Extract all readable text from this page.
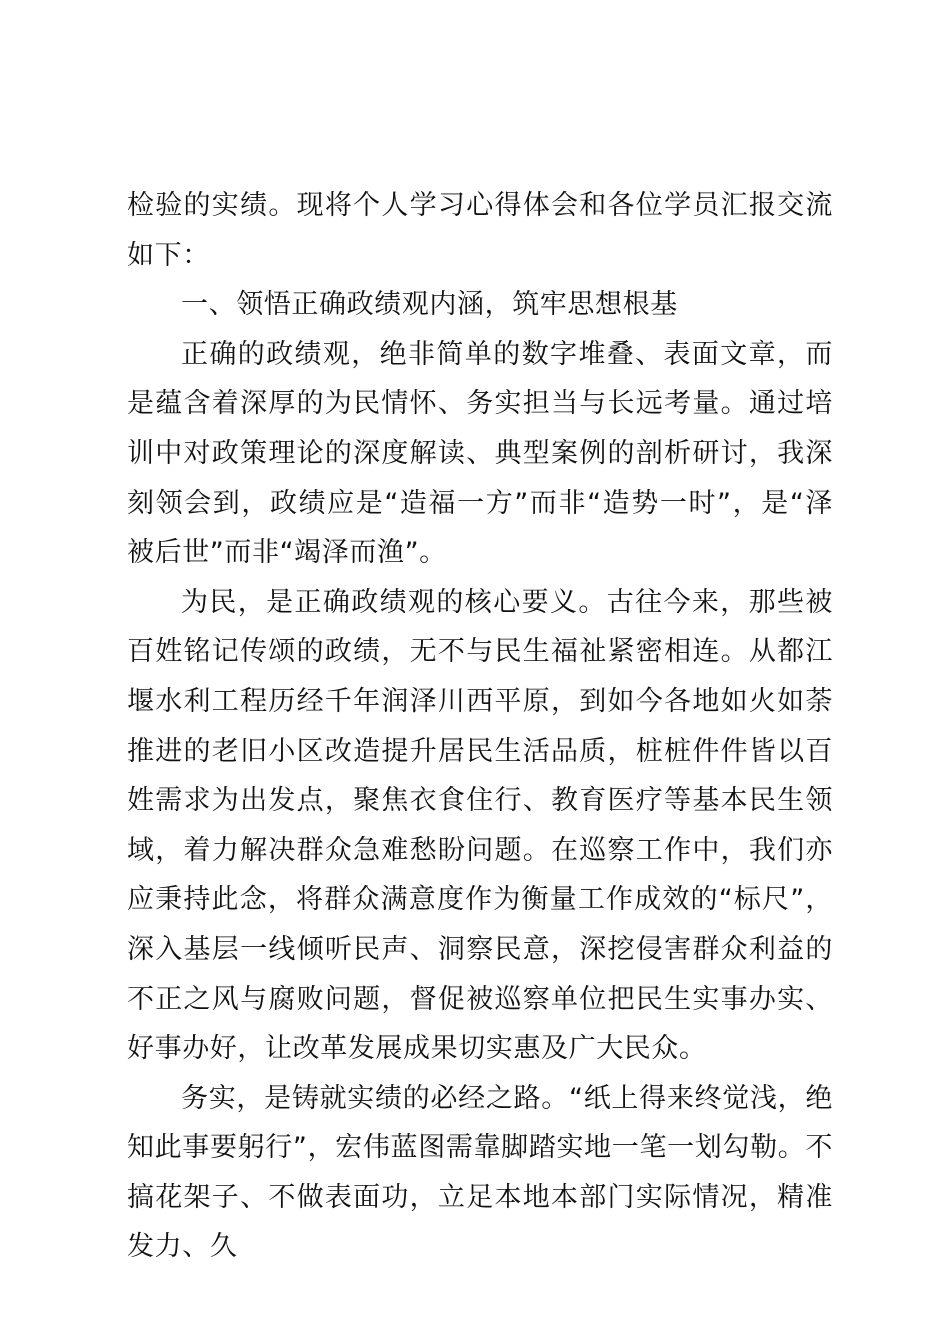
检验的实绩。现将个人学习心得体会和各位学员汇报交流如下：

一、领悟正确政绩观内涵，筑牢思想根基

正确的政绩观，绝非简单的数字堆叠、表面文章，而是蕴含着深厚的为民情怀、务实担当与长远考量。通过培训中对政策理论的深度解读、典型案例的剖析研讨，我深刻领会到，政绩应是“造福一方”而非“造势一时”，是“泽被后世”而非“竭泽而渔”。

为民，是正确政绩观的核心要义。古往今来，那些被百姓铭记传颂的政绩，无不与民生福祉紧密相连。从都江堰水利工程历经千年润泽川西平原，到如今各地如火如荼推进的老旧小区改造提升居民生活品质，桩桩件件皆以百姓需求为出发点，聚焦衣食住行、教育医疗等基本民生领域，着力解决群众急难愁盼问题。在巡察工作中，我们亦应秉持此念，将群众满意度作为衡量工作成效的“标尺”，深入基层一线倾听民声、洞察民意，深挖侵害群众利益的不正之风与腐败问题，督促被巡察单位把民生实事办实、好事办好，让改革发展成果切实惠及广大民众。

务实，是铸就实绩的必经之路。“纸上得来终觉浅，绝知此事要躬行”，宏伟蓝图需靠脚踏实地一笔一划勾勒。不搞花架子、不做表面功，立足本地本部门实际情况，精准发力、久
